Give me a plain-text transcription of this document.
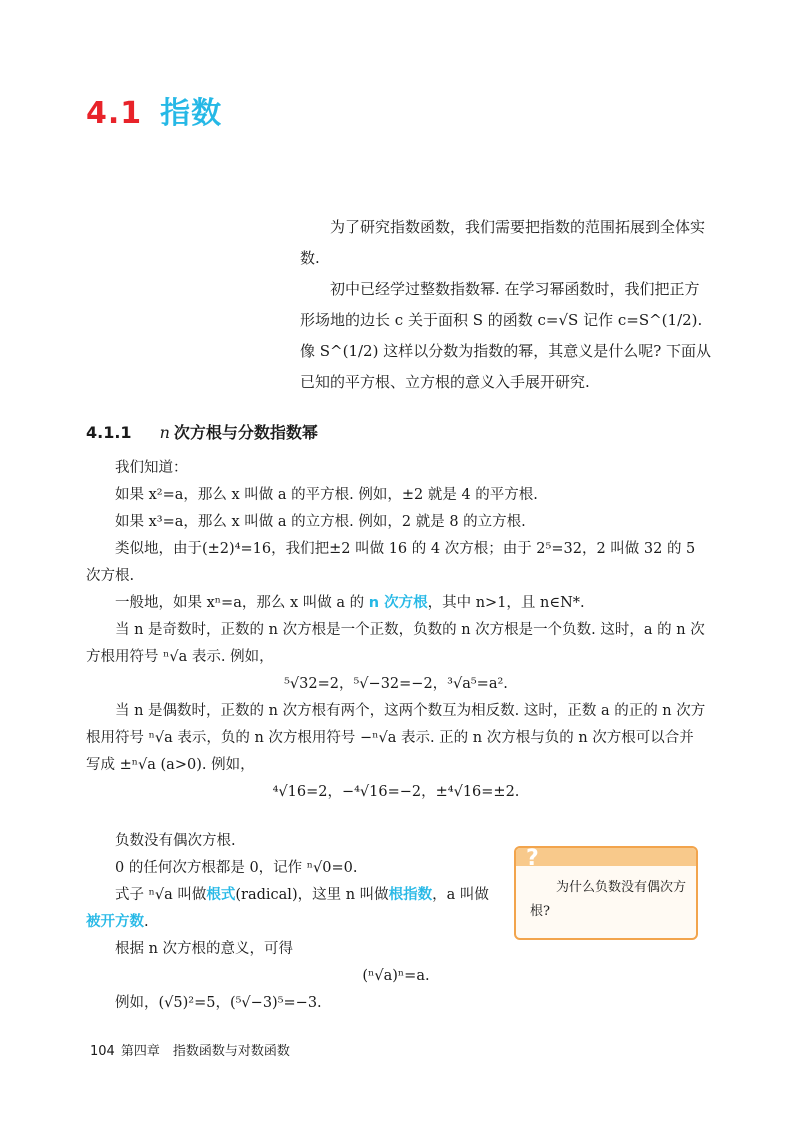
4.1 指数

为了研究指数函数，我们需要把指数的范围拓展到全体实数.

初中已经学过整数指数幂. 在学习幂函数时，我们把正方形场地的边长 c 关于面积 S 的函数 c=√S 记作 c=S^(1/2). 像 S^(1/2) 这样以分数为指数的幂，其意义是什么呢? 下面从已知的平方根、立方根的意义入手展开研究.

4.1.1 n 次方根与分数指数幂

我们知道：

如果 x²=a，那么 x 叫做 a 的平方根. 例如，±2 就是 4 的平方根.

如果 x³=a，那么 x 叫做 a 的立方根. 例如，2 就是 8 的立方根.

类似地，由于(±2)⁴=16，我们把±2 叫做 16 的 4 次方根；由于 2⁵=32，2 叫做 32 的 5 次方根.

一般地，如果 xⁿ=a，那么 x 叫做 a 的 n 次方根，其中 n>1，且 n∈N*.

当 n 是奇数时，正数的 n 次方根是一个正数，负数的 n 次方根是一个负数. 这时，a 的 n 次方根用符号 ⁿ√a 表示. 例如，

⁵√32=2，⁵√−32=−2，³√a⁵=a².

当 n 是偶数时，正数的 n 次方根有两个，这两个数互为相反数. 这时，正数 a 的正的 n 次方根用符号 ⁿ√a 表示，负的 n 次方根用符号 −ⁿ√a 表示. 正的 n 次方根与负的 n 次方根可以合并写成 ±ⁿ√a (a>0). 例如，

⁴√16=2，−⁴√16=−2，±⁴√16=±2.

负数没有偶次方根.

0 的任何次方根都是 0，记作 ⁿ√0=0.

式子 ⁿ√a 叫做根式(radical)，这里 n 叫做根指数，a 叫做被开方数.

根据 n 次方根的意义，可得

(ⁿ√a)ⁿ=a.

例如，(√5)²=5，(⁵√−3)⁵=−3.

?
为什么负数没有偶次方根?
104 第四章　指数函数与对数函数
